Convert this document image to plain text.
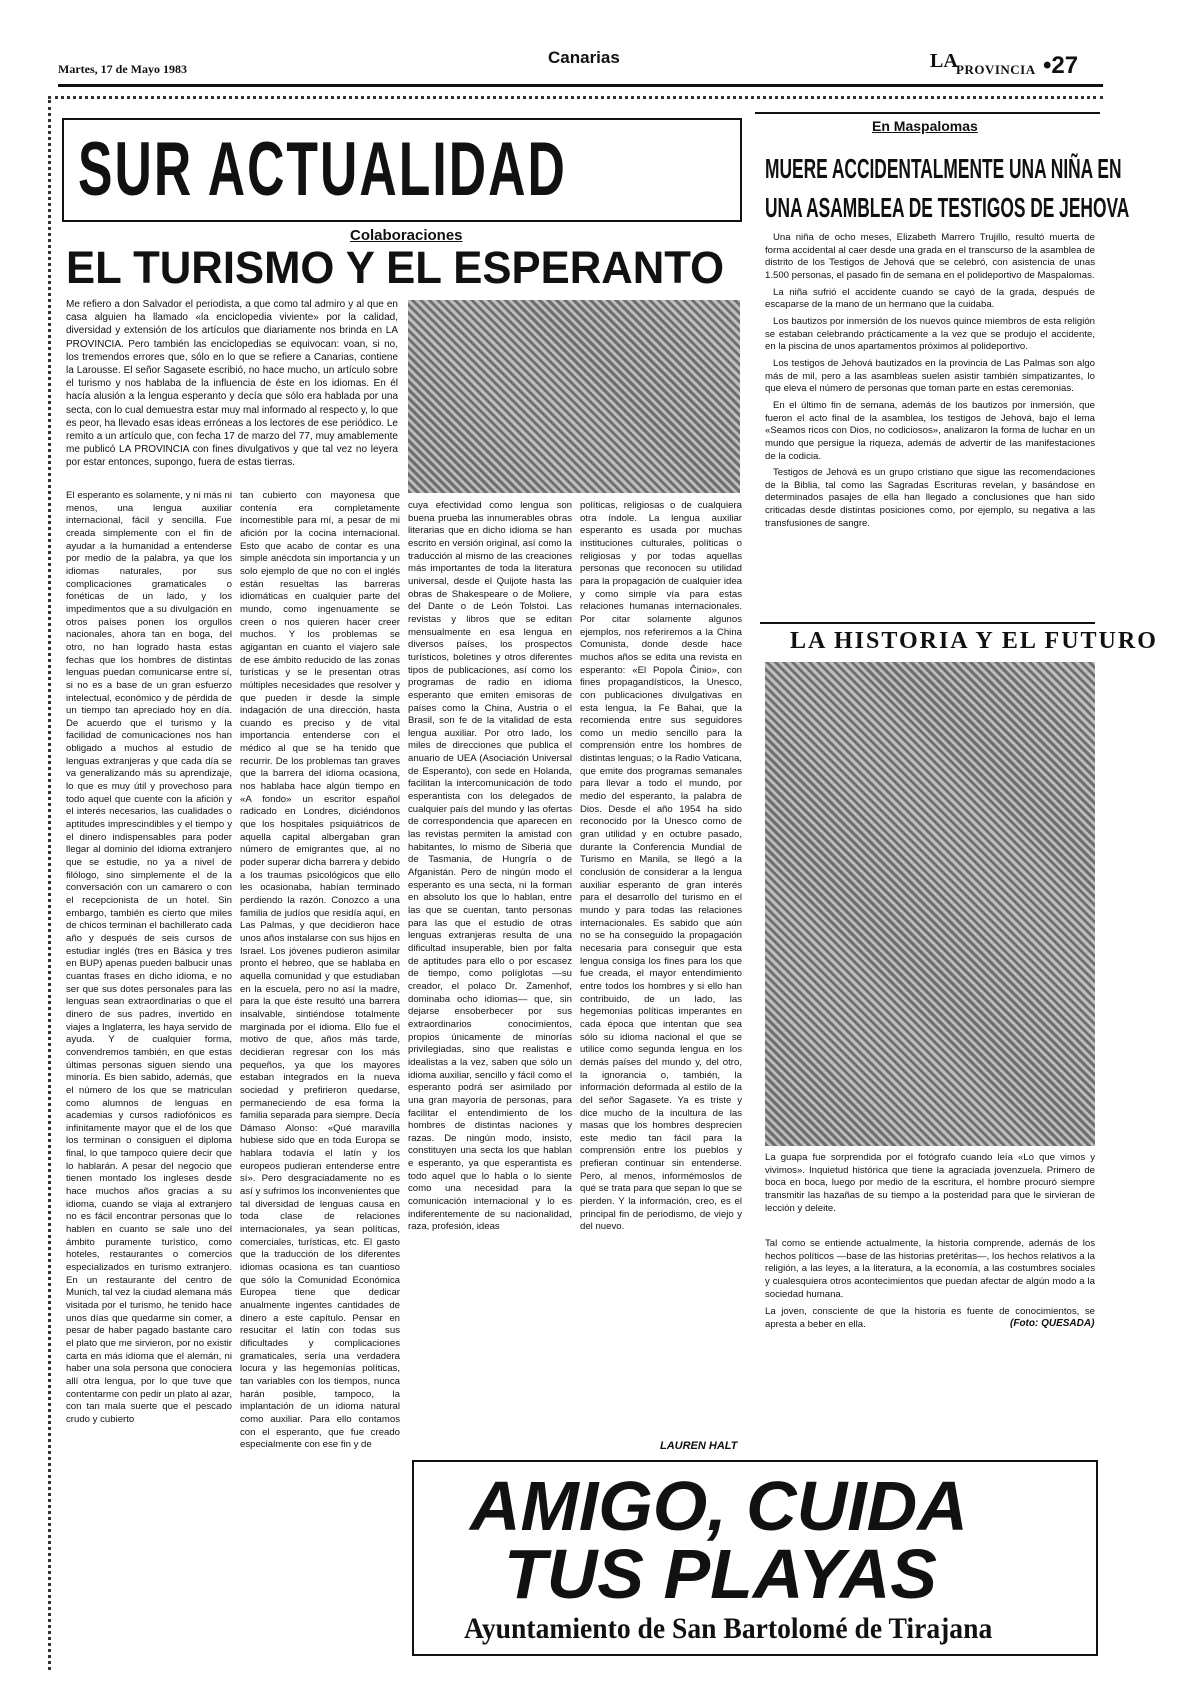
Martes, 17 de Mayo 1983
Canarias	LA
PROVINCIA •27
SUR ACTUALIDAD
Colaboraciones
EL TURISMO Y EL ESPERANTO
Me refiero a don Salvador el periodista, a que como tal admiro y al que en casa alguien ha llamado «la enciclopedia viviente» por la calidad, diversidad y extensión de los artículos que diariamente nos brinda en LA PROVINCIA. Pero también las enciclopedias se equivocan: voan, si no, los tremendos errores que, sólo en lo que se refiere a Canarias, contiene la Larousse. El señor Sagasete escribió, no hace mucho, un artículo sobre el turismo y nos hablaba de la influencia de éste en los idiomas. En él hacía alusión a la lengua esperanto y decía que sólo era hablada por una secta, con lo cual demuestra estar muy mal informado al respecto y, lo que es peor, ha llevado esas ideas erróneas a los lectores de ese periódico. Le remito a un artículo que, con fecha 17 de marzo del 77, muy amablemente me publicó LA PROVINCIA con fines divulgativos y que tal vez no leyera por estar entonces, supongo, fuera de estas tierras.
El esperanto es solamente, y ni más ni menos, una lengua auxiliar internacional, fácil y sencilla. Fue creada simplemente con el fin de ayudar a la humanidad a entenderse por medio de la palabra, ya que los idiomas naturales, por sus complicaciones gramaticales o fonéticas de un lado, y los impedimentos que a su divulgación en otros países ponen los orgullos nacionales, ahora tan en boga, del otro, no han logrado hasta estas fechas que los hombres de distintas lenguas puedan comunicarse entre sí, si no es a base de un gran esfuerzo intelectual, económico y de pérdida de un tiempo tan apreciado hoy en día. De acuerdo que el turismo y la facilidad de comunicaciones nos han obligado a muchos al estudio de lenguas extranjeras y que cada día se va generalizando más su aprendizaje, lo que es muy útil y provechoso para todo aquel que cuente con la afición y el interés necesarios, las cualidades o aptitudes imprescindibles y el tiempo y el dinero indispensables para poder llegar al dominio del idioma extranjero que se estudie, no ya a nivel de filólogo, sino simplemente el de la conversación con un camarero o con el recepcionista de un hotel. Sin embargo, también es cierto que miles de chicos terminan el bachillerato cada año y después de seis cursos de estudiar inglés (tres en Básica y tres en BUP) apenas pueden balbucir unas cuantas frases en dicho idioma, e no ser que sus dotes personales para las lenguas sean extraordinarias o que el dinero de sus padres, invertido en viajes a Inglaterra, les haya servido de ayuda. Y de cualquier forma, convendremos también, en que estas últimas personas siguen siendo una minoría. Es bien sabido, además, que el número de los que se matriculan como alumnos de lenguas en academias y cursos radiofónicos es infinitamente mayor que el de los que los terminan o consiguen el diploma final, lo que tampoco quiere decir que lo hablarán. A pesar del negocio que tienen montado los ingleses desde hace muchos años gracias a su idioma, cuando se viaja al extranjero no es fácil encontrar personas que lo hablen en cuanto se sale uno del ámbito puramente turístico, como hoteles, restaurantes o comercios especializados en turismo extranjero. En un restaurante del centro de Munich, tal vez la ciudad alemana más visitada por el turismo, he tenido hace unos días que quedarme sin comer, a pesar de haber pagado bastante caro el plato que me sirvieron, por no existir carta en más idioma que el alemán, ni haber una sola persona que conociera allí otra lengua, por lo que tuve que contentarme con pedir un plato al azar, con tan mala suerte que el pescado crudo y cubierto
tan cubierto con mayonesa que contenía era completamente incomestible para mí, a pesar de mi afición por la cocina internacional. Esto que acabo de contar es una simple anécdota sin importancia y un solo ejemplo de que no con el inglés están resueltas las barreras idiomáticas en cualquier parte del mundo, como ingenuamente se creen o nos quieren hacer creer muchos. Y los problemas se agigantan en cuanto el viajero sale de ese ámbito reducido de las zonas turísticas y se le presentan otras múltiples necesidades que resolver y que pueden ir desde la simple indagación de una dirección, hasta cuando es preciso y de vital importancia entenderse con el médico al que se ha tenido que recurrir. De los problemas tan graves que la barrera del idioma ocasiona, nos hablaba hace algún tiempo en «A fondo» un escritor español radicado en Londres, diciéndonos que los hospitales psiquiátricos de aquella capital albergaban gran número de emigrantes que, al no poder superar dicha barrera y debido a los traumas psicológicos que ello les ocasionaba, habían terminado perdiendo la razón. Conozco a una familia de judíos que residía aquí, en Las Palmas, y que decidieron hace unos años instalarse con sus hijos en Israel. Los jóvenes pudieron asimilar pronto el hebreo, que se hablaba en aquella comunidad y que estudiaban en la escuela, pero no así la madre, para la que éste resultó una barrera insalvable, sintiéndose totalmente marginada por el idioma. Ello fue el motivo de que, años más tarde, decidieran regresar con los más pequeños, ya que los mayores estaban integrados en la nueva sociedad y prefirieron quedarse, permaneciendo de esa forma la familia separada para siempre. Decía Dámaso Alonso: «Qué maravilla hubiese sido que en toda Europa se hablara todavía el latín y los europeos pudieran entenderse entre sí». Pero desgraciadamente no es así y sufrimos los inconvenientes que tal diversidad de lenguas causa en toda clase de relaciones internacionales, ya sean políticas, comerciales, turísticas, etc. El gasto que la traducción de los diferentes idiomas ocasiona es tan cuantioso que sólo la Comunidad Económica Europea tiene que dedicar anualmente ingentes cantidades de dinero a este capítulo. Pensar en resucitar el latín con todas sus dificultades y complicaciones gramaticales, sería una verdadera locura y las hegemonías políticas, tan variables con los tiempos, nunca harán posible, tampoco, la implantación de un idioma natural como auxiliar. Para ello contamos con el esperanto, que fue creado especialmente con ese fin y de
cuya efectividad como lengua son buena prueba las innumerables obras literarias que en dicho idioma se han escrito en versión original, así como la traducción al mismo de las creaciones más importantes de toda la literatura universal, desde el Quijote hasta las obras de Shakespeare o de Moliere, del Dante o de León Tolstoi. Las revistas y libros que se editan mensualmente en esa lengua en diversos países, los prospectos turísticos, boletines y otros diferentes tipos de publicaciones, así como los programas de radio en idioma esperanto que emiten emisoras de países como la China, Austria o el Brasil, son fe de la vitalidad de esta lengua auxiliar. Por otro lado, los miles de direcciones que publica el anuario de UEA (Asociación Universal de Esperanto), con sede en Holanda, facilitan la intercomunicación de todo esperantista con los delegados de cualquier país del mundo y las ofertas de correspondencia que aparecen en las revistas permiten la amistad con habitantes, lo mismo de Siberia que de Tasmania, de Hungría o de Afganistán. Pero de ningún modo el esperanto es una secta, ni la forman en absoluto los que lo hablan, entre las que se cuentan, tanto personas para las que el estudio de otras lenguas extranjeras resulta de una dificultad insuperable, bien por falta de aptitudes para ello o por escasez de tiempo, como políglotas —su creador, el polaco Dr. Zamenhof, dominaba ocho idiomas— que, sin dejarse ensoberbecer por sus extraordinarios conocimientos, propios únicamente de minorías privilegiadas, sino que realistas e idealistas a la vez, saben que sólo un idioma auxiliar, sencillo y fácil como el esperanto podrá ser asimilado por una gran mayoría de personas, para facilitar el entendimiento de los hombres de distintas naciones y razas. De ningún modo, insisto, constituyen una secta los que hablan e esperanto, ya que esperantista es todo aquel que lo habla o lo siente como una necesidad para la comunicación internacional y lo es indiferentemente de su nacionalidad, raza, profesión, ideas
políticas, religiosas o de cualquiera otra índole. La lengua auxiliar esperanto es usada por muchas instituciones culturales, políticas o religiosas y por todas aquellas personas que reconocen su utilidad para la propagación de cualquier idea y como simple vía para estas relaciones humanas internacionales. Por citar solamente algunos ejemplos, nos referiremos a la China Comunista, donde desde hace muchos años se edita una revista en esperanto: «El Popola Ĉinio», con fines propagandísticos, la Unesco, con publicaciones divulgativas en esta lengua, la Fe Bahai, que la recomienda entre sus seguidores como un medio sencillo para la comprensión entre los hombres de distintas lenguas; o la Radio Vaticana, que emite dos programas semanales para llevar a todo el mundo, por medio del esperanto, la palabra de Dios. Desde el año 1954 ha sido reconocido por la Unesco como de gran utilidad y en octubre pasado, durante la Conferencia Mundial de Turismo en Manila, se llegó a la conclusión de considerar a la lengua auxiliar esperanto de gran interés para el desarrollo del turismo en el mundo y para todas las relaciones internacionales. Es sabido que aún no se ha conseguido la propagación necesaria para conseguir que esta lengua consiga los fines para los que fue creada, el mayor entendimiento entre todos los hombres y si ello han contribuido, de un lado, las hegemonías políticas imperantes en cada época que intentan que sea sólo su idioma nacional el que se utilice como segunda lengua en los demás países del mundo y, del otro, la ignorancia o, también, la información deformada al estilo de la del señor Sagasete. Ya es triste y dice mucho de la incultura de las masas que los hombres desprecien este medio tan fácil para la comprensión entre los pueblos y prefieran continuar sin entenderse. Pero, al menos, informémoslos de qué se trata para que sepan lo que se pierden. Y la información, creo, es el principal fin de periodismo, de viejo y del nuevo.
LAUREN HALT
En Maspalomas
MUERE ACCIDENTALMENTE UNA NIÑA EN
UNA ASAMBLEA DE TESTIGOS DE JEHOVA

Una niña de ocho meses, Elizabeth Marrero Trujillo, resultó muerta de forma accidental al caer desde una grada en el transcurso de la asamblea de distrito de los Testigos de Jehová que se celebró, con asistencia de unas 1.500 personas, el pasado fin de semana en el polideportivo de Maspalomas.

La niña sufrió el accidente cuando se cayó de la grada, después de escaparse de la mano de un hermano que la cuidaba.

Los bautizos por inmersión de los nuevos quince miembros de esta religión se estaban celebrando prácticamente a la vez que se produjo el accidente, en la piscina de unos apartamentos próximos al polideportivo.

Los testigos de Jehová bautizados en la provincia de Las Palmas son algo más de mil, pero a las asambleas suelen asistir también simpatizantes, lo que eleva el número de personas que toman parte en estas ceremonias.

En el último fin de semana, además de los bautizos por inmersión, que fueron el acto final de la asamblea, los testigos de Jehová, bajo el lema «Seamos ricos con Dios, no codiciosos», analizaron la forma de luchar en un mundo que persigue la riqueza, además de advertir de las manifestaciones de la codicia.

Testigos de Jehová es un grupo cristiano que sigue las recomendaciones de la Biblia, tal como las Sagradas Escrituras revelan, y basándose en determinados pasajes de ella han llegado a conclusiones que han sido criticadas desde distintas posiciones como, por ejemplo, su negativa a las transfusiones de sangre.

LA HISTORIA Y EL FUTURO
La guapa fue sorprendida por el fotógrafo cuando leía «Lo que vimos y vivimos». Inquietud histórica que tiene la agraciada jovenzuela. Primero de boca en boca, luego por medio de la escritura, el hombre procuró siempre transmitir las hazañas de su tiempo a la posteridad para que le sirvieran de lección y deleite.
Tal como se entiende actualmente, la historia comprende, además de los hechos políticos —base de las historias pretéritas—, los hechos relativos a la religión, a las leyes, a la literatura, a la economía, a las costumbres sociales y cualesquiera otros acontecimientos que puedan afectar de algún modo a la sociedad humana.
La joven, consciente de que la historia es fuente de conocimientos, se apresta a beber en ella.	(Foto: QUESADA)
AMIGO, CUIDA
TUS PLAYAS
Ayuntamiento de San Bartolomé de Tirajana
